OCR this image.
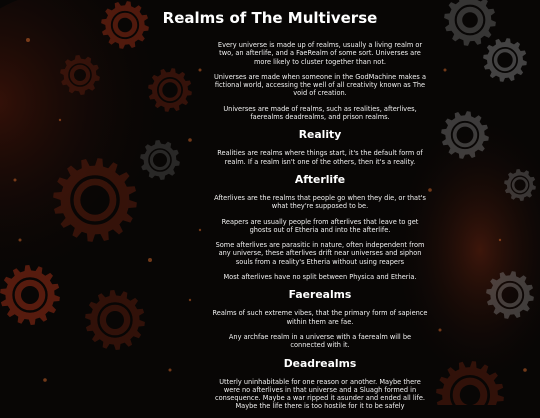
Realms of The Multiverse

Every universe is made up of realms, usually a living realm or two, an afterlife, and a FaeRealm of some sort. Universes are more likely to cluster together than not.

Universes are made when someone in the GodMachine makes a fictional world, accessing the well of all creativity known as The void of creation.

Universes are made of realms, such as realities, afterlives, faerealms deadrealms, and prison realms.

Reality

Realities are realms where things start, it's the default form of realm. If a realm isn't one of the others, then it's a reality.

Afterlife

Afterlives are the realms that people go when they die, or that's what they're supposed to be.

Reapers are usually people from afterlives that leave to get ghosts out of Etheria and into the afterlife.

Some afterlives are parasitic in nature, often independent from any universe, these afterlives drift near universes and siphon souls from a reality's Etheria without using reapers

Most afterlives have no split between Physica and Etheria.

Faerealms

Realms of such extreme vibes, that the primary form of sapience within them are fae.

Any archfae realm in a universe with a faerealm will be connected with it.

Deadrealms

Utterly uninhabitable for one reason or another. Maybe there were no afterlives in that universe and a Sluagh formed in consequence. Maybe a war ripped it asunder and ended all life. Maybe the life there is too hostile for it to be safely
